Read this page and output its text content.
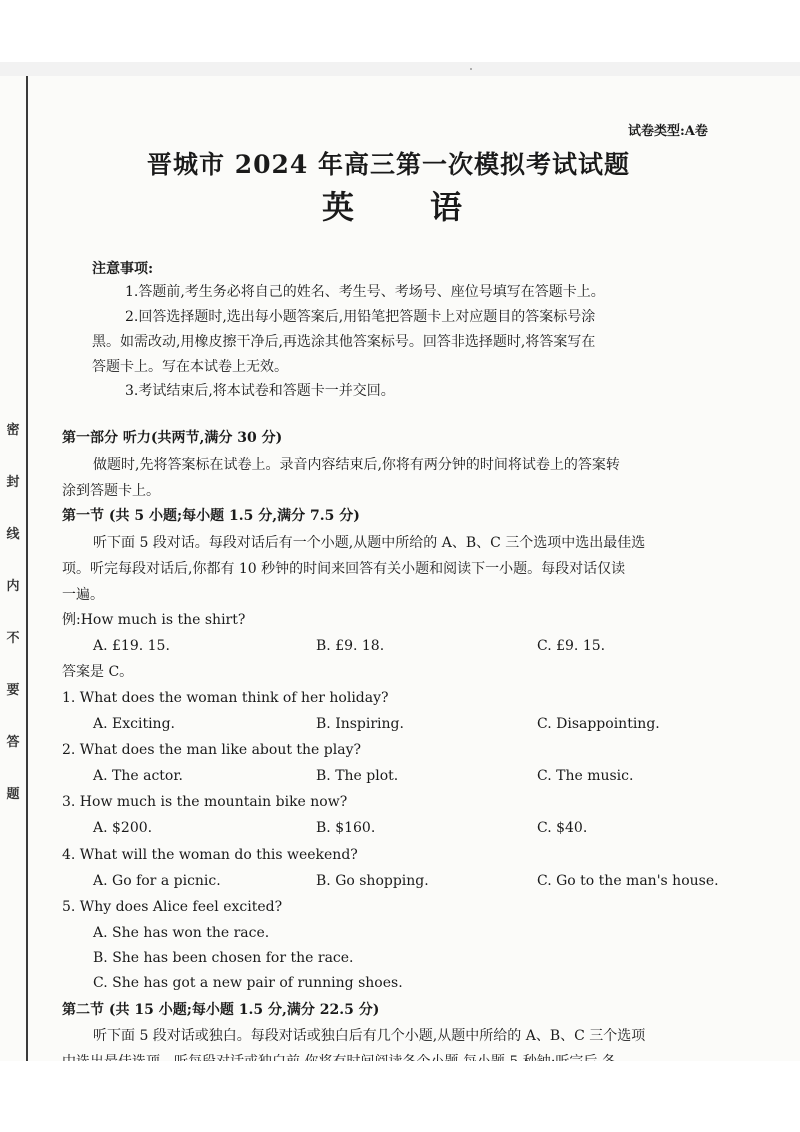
密
封
线
内
不
要
答
题
试卷类型:A卷
晋城市 2024 年高三第一次模拟考试试题
英 语
注意事项:
1.答题前,考生务必将自己的姓名、考生号、考场号、座位号填写在答题卡上。
2.回答选择题时,选出每小题答案后,用铅笔把答题卡上对应题目的答案标号涂
黑。如需改动,用橡皮擦干净后,再选涂其他答案标号。回答非选择题时,将答案写在
答题卡上。写在本试卷上无效。
3.考试结束后,将本试卷和答题卡一并交回。
第一部分 听力(共两节,满分 30 分)
做题时,先将答案标在试卷上。录音内容结束后,你将有两分钟的时间将试卷上的答案转
涂到答题卡上。
第一节 (共 5 小题;每小题 1.5 分,满分 7.5 分)
听下面 5 段对话。每段对话后有一个小题,从题中所给的 A、B、C 三个选项中选出最佳选
项。听完每段对话后,你都有 10 秒钟的时间来回答有关小题和阅读下一小题。每段对话仅读
一遍。
例:How much is the shirt?
A. £19. 15.	B. £9. 18.	C. £9. 15.
答案是 C。
1. What does the woman think of her holiday?
A. Exciting.	B. Inspiring.	C. Disappointing.
2. What does the man like about the play?
A. The actor.	B. The plot.	C. The music.
3. How much is the mountain bike now?
A. $200.	B. $160.	C. $40.
4. What will the woman do this weekend?
A. Go for a picnic.	B. Go shopping.	C. Go to the man's house.
5. Why does Alice feel excited?
A. She has won the race.
B. She has been chosen for the race.
C. She has got a new pair of running shoes.
第二节 (共 15 小题;每小题 1.5 分,满分 22.5 分)
听下面 5 段对话或独白。每段对话或独白后有几个小题,从题中所给的 A、B、C 三个选项
